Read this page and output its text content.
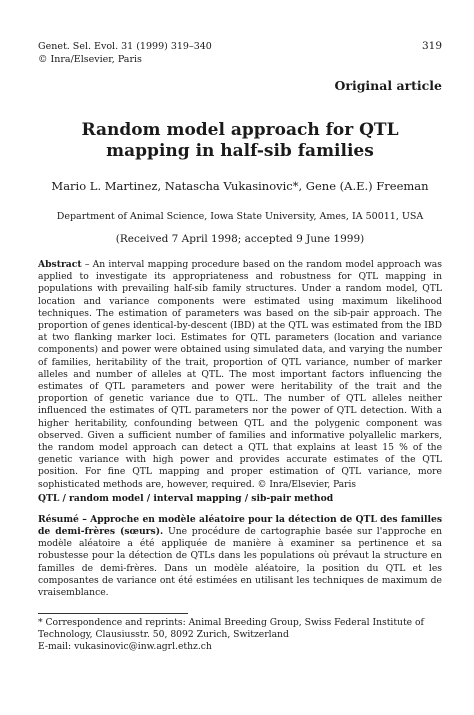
Genet. Sel. Evol. 31 (1999) 319–340
© Inra/Elsevier, Paris
319
Original article
Random model approach for QTL
mapping in half-sib families
Mario L. Martinez, Natascha Vukasinovic*, Gene (A.E.) Freeman
Department of Animal Science, Iowa State University, Ames, IA 50011, USA
(Received 7 April 1998; accepted 9 June 1999)
Abstract – An interval mapping procedure based on the random model approach was applied to investigate its appropriateness and robustness for QTL mapping in populations with prevailing half-sib family structures. Under a random model, QTL location and variance components were estimated using maximum likelihood techniques. The estimation of parameters was based on the sib-pair approach. The proportion of genes identical-by-descent (IBD) at the QTL was estimated from the IBD at two flanking marker loci. Estimates for QTL parameters (location and variance components) and power were obtained using simulated data, and varying the number of families, heritability of the trait, proportion of QTL variance, number of marker alleles and number of alleles at QTL. The most important factors influencing the estimates of QTL parameters and power were heritability of the trait and the proportion of genetic variance due to QTL. The number of QTL alleles neither influenced the estimates of QTL parameters nor the power of QTL detection. With a higher heritability, confounding between QTL and the polygenic component was observed. Given a sufficient number of families and informative polyallelic markers, the random model approach can detect a QTL that explains at least 15 % of the genetic variance with high power and provides accurate estimates of the QTL position. For fine QTL mapping and proper estimation of QTL variance, more sophisticated methods are, however, required. © Inra/Elsevier, Paris
QTL / random model / interval mapping / sib-pair method
Résumé – Approche en modèle aléatoire pour la détection de QTL des familles de demi-frères (sœurs). Une procédure de cartographie basée sur l'approche en modèle aléatoire a été appliquée de manière à examiner sa pertinence et sa robustesse pour la détection de QTLs dans les populations où prévaut la structure en familles de demi-frères. Dans un modèle aléatoire, la position du QTL et les composantes de variance ont été estimées en utilisant les techniques de maximum de vraisemblance.
* Correspondence and reprints: Animal Breeding Group, Swiss Federal Institute of Technology, Clausiusstr. 50, 8092 Zurich, Switzerland
E-mail: vukasinovic@inw.agrl.ethz.ch
